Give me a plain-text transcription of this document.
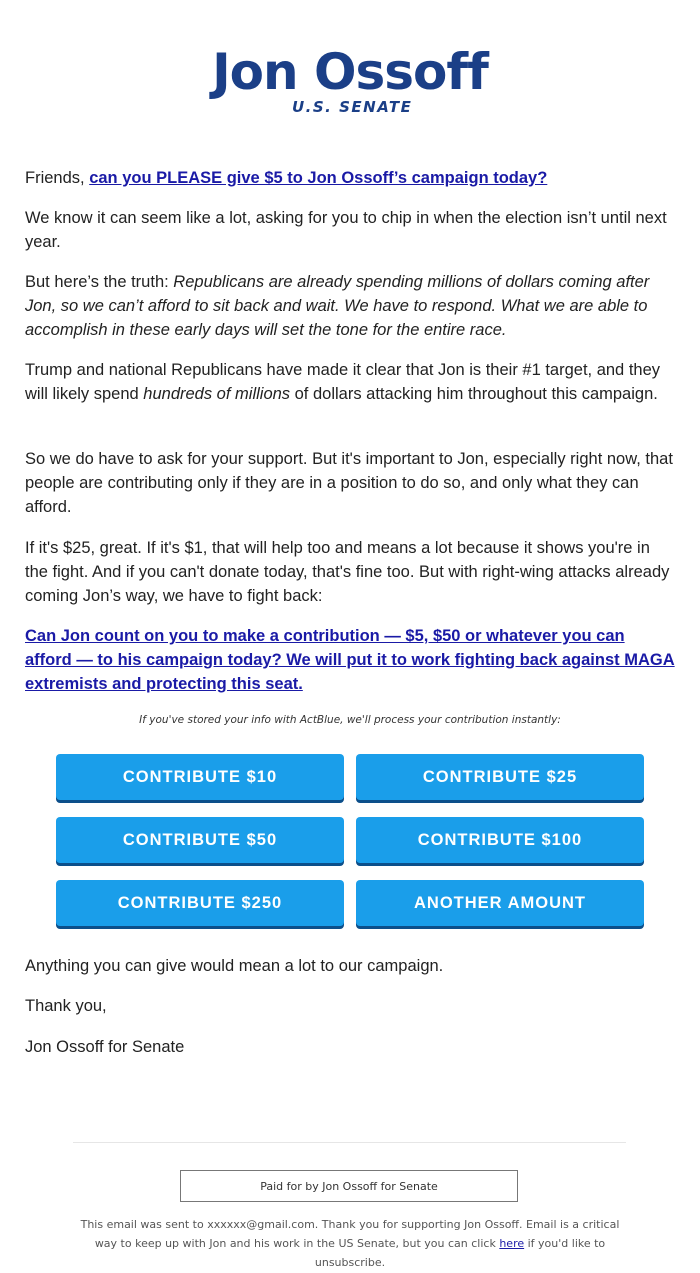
Jon Ossoff
U.S. SENATE

Friends, can you PLEASE give $5 to Jon Ossoff’s campaign today?

We know it can seem like a lot, asking for you to chip in when the election isn’t until next year.

But here’s the truth: Republicans are already spending millions of dollars coming after Jon, so we can’t afford to sit back and wait. We have to respond. What we are able to accomplish in these early days will set the tone for the entire race.

Trump and national Republicans have made it clear that Jon is their #1 target, and they will likely spend hundreds of millions of dollars attacking him throughout this campaign.

So we do have to ask for your support. But it's important to Jon, especially right now, that people are contributing only if they are in a position to do so, and only what they can afford.

If it's $25, great. If it's $1, that will help too and means a lot because it shows you're in the fight. And if you can't donate today, that's fine too. But with right-wing attacks already coming Jon’s way, we have to fight back:

Can Jon count on you to make a contribution — $5, $50 or whatever you can afford — to his campaign today? We will put it to work fighting back against MAGA extremists and protecting this seat.

If you've stored your info with ActBlue, we'll process your contribution instantly:
CONTRIBUTE $10	CONTRIBUTE $25
CONTRIBUTE $50	CONTRIBUTE $100
CONTRIBUTE $250	ANOTHER AMOUNT

Anything you can give would mean a lot to our campaign.

Thank you,

Jon Ossoff for Senate

Paid for by Jon Ossoff for Senate
This email was sent to xxxxxx@gmail.com. Thank you for supporting Jon Ossoff. Email is a critical way to keep up with Jon and his work in the US Senate, but you can click here if you'd like to unsubscribe.
